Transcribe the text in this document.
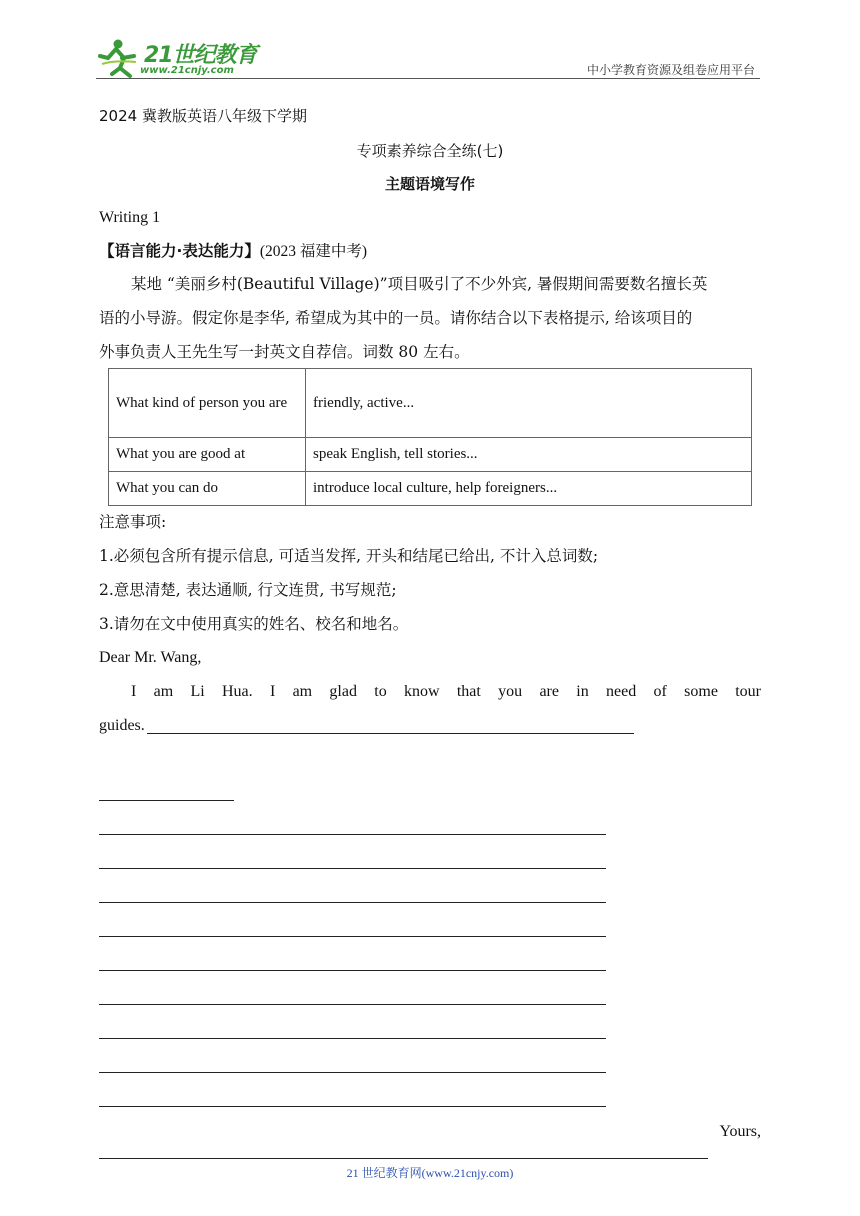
21世纪教育
www.21cnjy.com	中小学教育资源及组卷应用平台
2024 冀教版英语八年级下学期
专项素养综合全练(七)
主题语境写作
Writing 1
【语言能力·表达能力】(2023 福建中考)
某地 “美丽乡村(Beautiful Village)”项目吸引了不少外宾, 暑假期间需要数名擅长英
语的小导游。假定你是李华, 希望成为其中的一员。请你结合以下表格提示, 给该项目的
外事负责人王先生写一封英文自荐信。词数 80 左右。
What kind of person you are	friendly, active...
What you are good at	speak English, tell stories...
What you can do	introduce local culture, help foreigners...
注意事项:
1.必须包含所有提示信息, 可适当发挥, 开头和结尾已给出, 不计入总词数;
2.意思清楚, 表达通顺, 行文连贯, 书写规范;
3.请勿在文中使用真实的姓名、校名和地名。
Dear Mr. Wang,
I am Li Hua. I am glad to know that you are in need of some tour
guides.
Yours,
21 世纪教育网(www.21cnjy.com)
